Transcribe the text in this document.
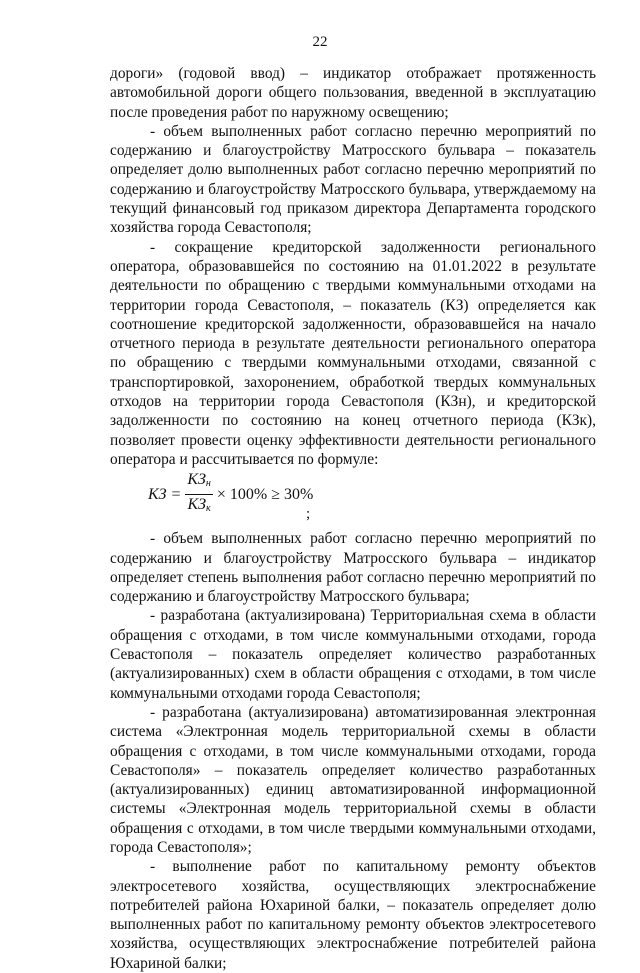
22

дороги» (годовой ввод) – индикатор отображает протяженность автомобильной дороги общего пользования, введенной в эксплуатацию после проведения работ по наружному освещению;

- объем выполненных работ согласно перечню мероприятий по содержанию и благоустройству Матросского бульвара – показатель определяет долю выполненных работ согласно перечню мероприятий по содержанию и благоустройству Матросского бульвара, утверждаемому на текущий финансовый год приказом директора Департамента городского хозяйства города Севастополя;

- сокращение кредиторской задолженности регионального оператора, образовавшейся по состоянию на 01.01.2022 в результате деятельности по обращению с твердыми коммунальными отходами на территории города Севастополя, – показатель (КЗ) определяется как соотношение кредиторской задолженности, образовавшейся на начало отчетного периода в результате деятельности регионального оператора по обращению с твердыми коммунальными отходами, связанной с транспортировкой, захоронением, обработкой твердых коммунальных отходов на территории города Севастополя (КЗн), и кредиторской задолженности по состоянию на конец отчетного периода (КЗк), позволяет провести оценку эффективности деятельности регионального оператора и рассчитывается по формуле:

КЗ = $\frac{КЗ_н}{КЗ_к} \times 100\% \ge 30\%$
;

- объем выполненных работ согласно перечню мероприятий по содержанию и благоустройству Матросского бульвара – индикатор определяет степень выполнения работ согласно перечню мероприятий по содержанию и благоустройству Матросского бульвара;

- разработана (актуализирована) Территориальная схема в области обращения с отходами, в том числе коммунальными отходами, города Севастополя – показатель определяет количество разработанных (актуализированных) схем в области обращения с отходами, в том числе коммунальными отходами города Севастополя;

- разработана (актуализирована) автоматизированная электронная система «Электронная модель территориальной схемы в области обращения с отходами, в том числе коммунальными отходами, города Севастополя» – показатель определяет количество разработанных (актуализированных) единиц автоматизированной информационной системы «Электронная модель территориальной схемы в области обращения с отходами, в том числе твердыми коммунальными отходами, города Севастополя»;

- выполнение работ по капитальному ремонту объектов электросетевого хозяйства, осуществляющих электроснабжение потребителей района Юхариной балки, – показатель определяет долю выполненных работ по капитальному ремонту объектов электросетевого хозяйства, осуществляющих электроснабжение потребителей района Юхариной балки;
